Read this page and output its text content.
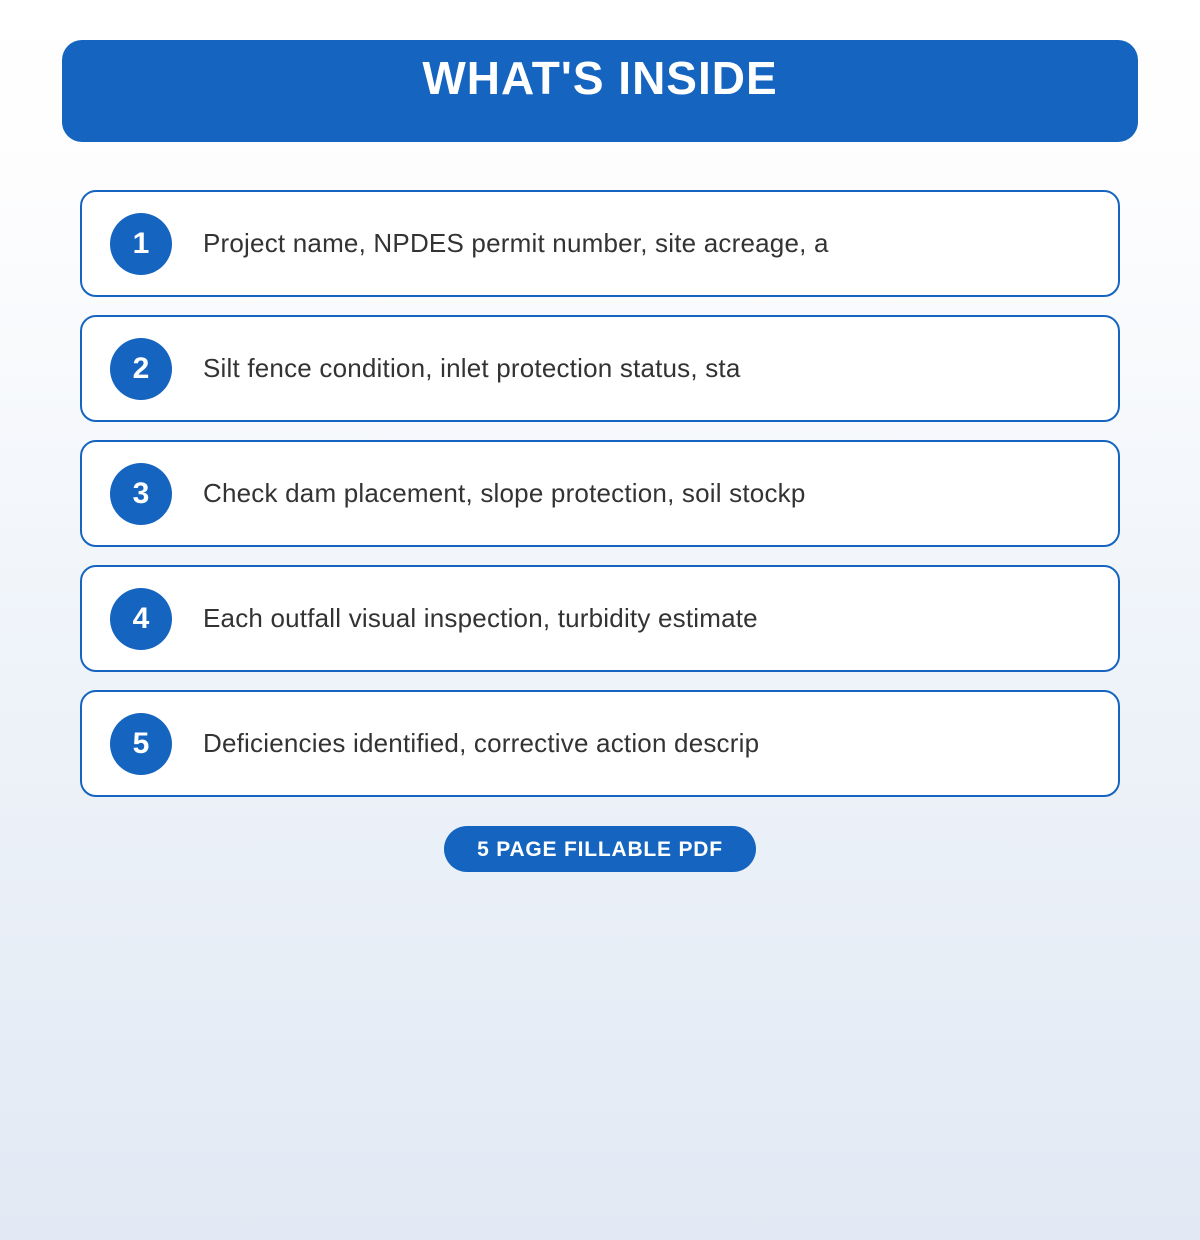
WHAT'S INSIDE
1	Project name, NPDES permit number, site acreage, a
2	Silt fence condition, inlet protection status, sta
3	Check dam placement, slope protection, soil stockp
4	Each outfall visual inspection, turbidity estimate
5	Deficiencies identified, corrective action descrip
5 PAGE FILLABLE PDF
